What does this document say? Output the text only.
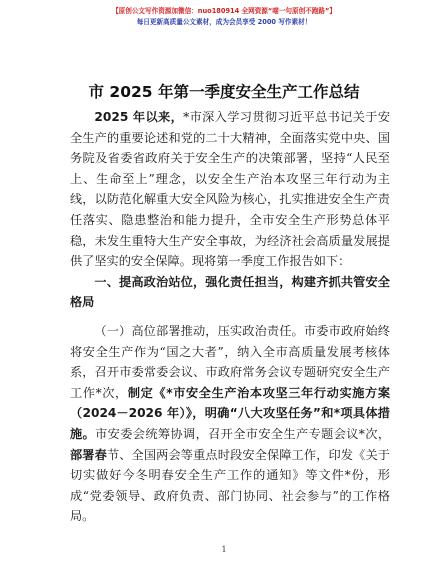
【原创公文写作资源加微信：nuo180914 全网资源“喵一句原创不跑路”】
每日更新高质量公文素材，成为会员享受 2000 写作素材！
市 2025 年第一季度安全生产工作总结

2025 年以来，*市深入学习贯彻习近平总书记关于安全生产的重要论述和党的二十大精神，全面落实党中央、国务院及省委省政府关于安全生产的决策部署，坚持“人民至上、生命至上”理念，以安全生产治本攻坚三年行动为主线，以防范化解重大安全风险为核心，扎实推进安全生产责任落实、隐患整治和能力提升，全市安全生产形势总体平稳，未发生重特大生产安全事故，为经济社会高质量发展提供了坚实的安全保障。现将第一季度工作报告如下：

一、提高政治站位，强化责任担当，构建齐抓共管安全格局

（一）高位部署推动，压实政治责任。市委市政府始终将安全生产作为“国之大者”，纳入全市高质量发展考核体系，召开市委常委会议、市政府常务会议专题研究安全生产工作*次，制定《*市安全生产治本攻坚三年行动实施方案（2024－2026 年）》，明确“八大攻坚任务”和*项具体措施。市安委会统筹协调，召开全市安全生产专题会议*次，部署春节、全国两会等重点时段安全保障工作，印发《关于切实做好今冬明春安全生产工作的通知》等文件*份，形成“党委领导、政府负责、部门协同、社会参与”的工作格局。

1
